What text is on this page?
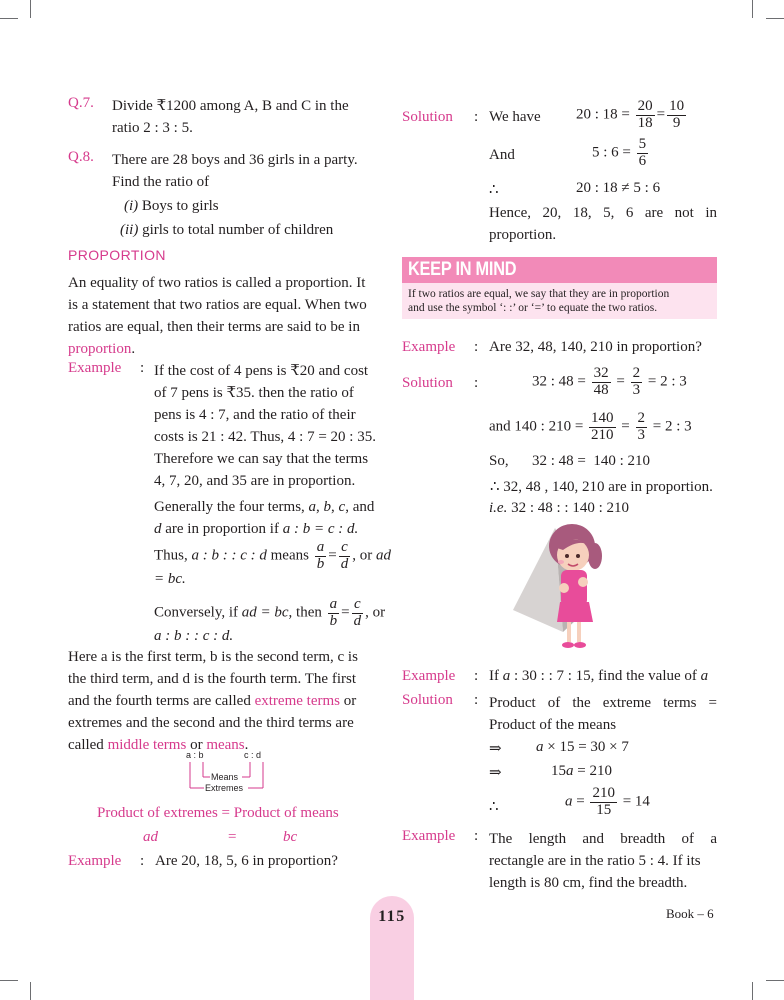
Q.7. Divide ₹1200 among A, B and C in the
ratio 2 : 3 : 5.
Q.8. There are 28 boys and 36 girls in a party.
Find the ratio of
(i) Boys to girls
(ii) girls to total number of children
PROPORTION
An equality of two ratios is called a proportion. It
is a statement that two ratios are equal. When two
ratios are equal, then their terms are said to be in
proportion.
Example : If the cost of 4 pens is ₹20 and cost
of 7 pens is ₹35. then the ratio of
pens is 4 : 7, and the ratio of their
costs is 21 : 42. Thus, 4 : 7 = 20 : 35.
Therefore we can say that the terms
4, 7, 20, and 35 are in proportion.
Generally the four terms, a, b, c, and
d are in proportion if a : b = c : d.
Thus, a : b : : c : d means $\frac{a}{b} = \frac{c}{d}$ , or ad
= bc.
Conversely, if ad = bc, then $\frac{a}{b} = \frac{c}{d}$ , or
a : b : : c : d.
Here a is the first term, b is the second term, c is
the third term, and d is the fourth term. The first
and the fourth terms are called extreme terms or
extremes and the second and the third terms are
called middle terms or means.
a : b	c : d
Means
Extremes
Product of extremes = Product of means
ad	=	bc
Example : Are 20, 18, 5, 6 in proportion?
Solution : We have 20 : $18 = \frac{20}{18} = \frac{10}{9}$
And	5 : $6 = \frac{5}{6}$
∴	20 : 18 ≠ 5 : 6
Hence, 20, 18, 5, 6 are not in
proportion.
KEEP IN MIND
If two ratios are equal, we say that they are in proportion
and use the symbol ‘: :’ or ‘=’ to equate the two ratios.
Example : Are 32, 48, 140, 210 in proportion?
Solution :	32 : $48 = \frac{32}{48} = \frac{2}{3} = 2$ : 3
and 140 : $210 = \frac{140}{210} = \frac{2}{3} = 2$ : 3
So, 32 : 48 =  140 : 210
∴ 32, 48 , 140, 210 are in proportion.
i.e. 32 : 48 : : 140 : 210
Example : If a : 30 : : 7 : 15, find the value of a
Solution : Product of the extreme terms =
Product of the means
⇒ a × 15 = 30 × 7
⇒	15a = 210
∴	$a = \frac{210}{15} = 14$
Example : The length and breadth of a
rectangle are in the ratio 5 : 4. If its
length is 80 cm, find the breadth.
115	Book – 6
